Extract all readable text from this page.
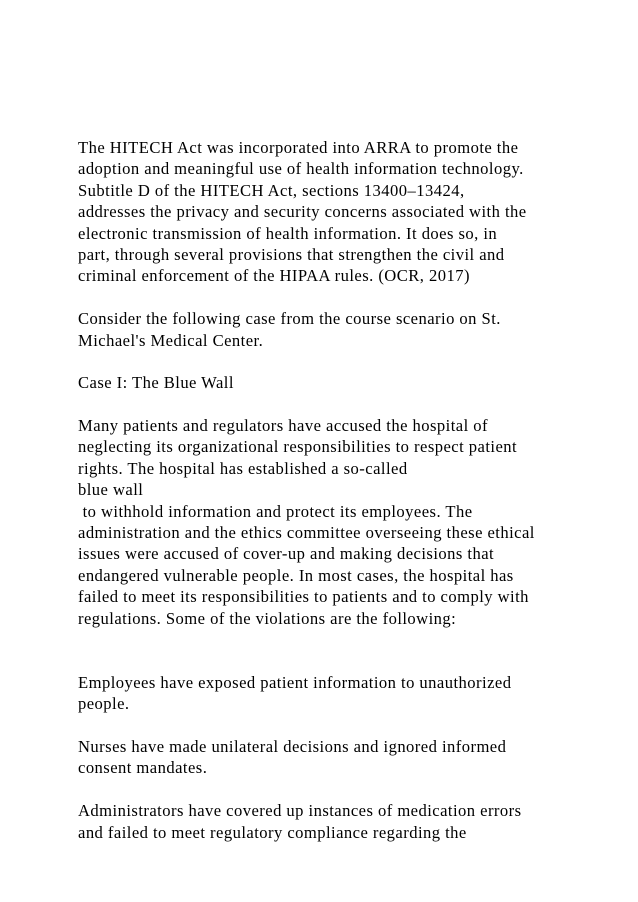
The HITECH Act was incorporated into ARRA to promote the
adoption and meaningful use of health information technology.
Subtitle D of the HITECH Act, sections 13400–13424,
addresses the privacy and security concerns associated with the
electronic transmission of health information. It does so, in
part, through several provisions that strengthen the civil and
criminal enforcement of the HIPAA rules. (OCR, 2017)
Consider the following case from the course scenario on St.
Michael's Medical Center.
Case I: The Blue Wall
Many patients and regulators have accused the hospital of
neglecting its organizational responsibilities to respect patient
rights. The hospital has established a so-called
blue wall
to withhold information and protect its employees. The
administration and the ethics committee overseeing these ethical
issues were accused of cover-up and making decisions that
endangered vulnerable people. In most cases, the hospital has
failed to meet its responsibilities to patients and to comply with
regulations. Some of the violations are the following:
Employees have exposed patient information to unauthorized
people.
Nurses have made unilateral decisions and ignored informed
consent mandates.
Administrators have covered up instances of medication errors
and failed to meet regulatory compliance regarding the
